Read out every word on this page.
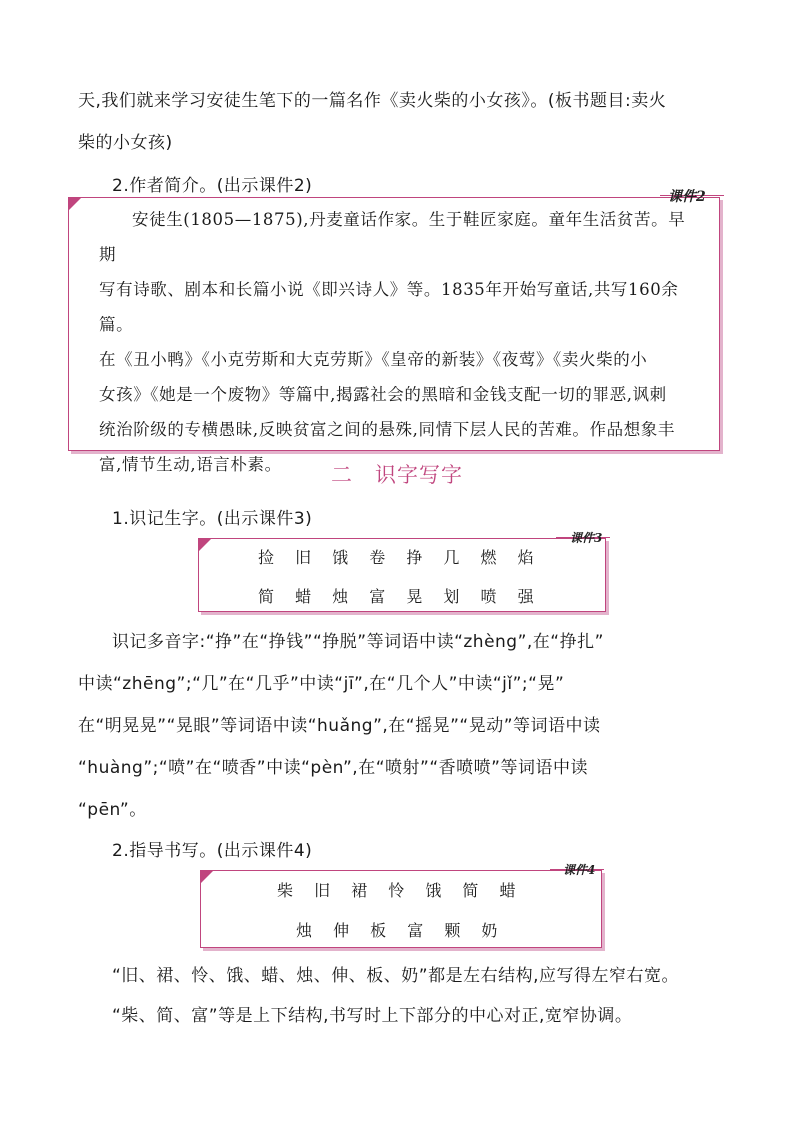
天,我们就来学习安徒生笔下的一篇名作《卖火柴的小女孩》。(板书题目:卖火
柴的小女孩)
2.作者简介。(出示课件2)
安徒生(1805—1875),丹麦童话作家。生于鞋匠家庭。童年生活贫苦。早期
写有诗歌、剧本和长篇小说《即兴诗人》等。1835年开始写童话,共写160余篇。
在《丑小鸭》《小克劳斯和大克劳斯》《皇帝的新装》《夜莺》《卖火柴的小
女孩》《她是一个废物》等篇中,揭露社会的黑暗和金钱支配一切的罪恶,讽刺
统治阶级的专横愚昧,反映贫富之间的悬殊,同情下层人民的苦难。作品想象丰
富,情节生动,语言朴素。
课件2
二　识字写字
1.识记生字。(出示课件3)
课件3
捡 旧 饿 卷 挣 几 燃 焰
简 蜡 烛 富 晃 划 喷 强
识记多音字:“挣”在“挣钱”“挣脱”等词语中读“zhèng”,在“挣扎”
中读“zhēng”;“几”在“几乎”中读“jī”,在“几个人”中读“jǐ”;“晃”
在“明晃晃”“晃眼”等词语中读“huǎng”,在“摇晃”“晃动”等词语中读
“huàng”;“喷”在“喷香”中读“pèn”,在“喷射”“香喷喷”等词语中读
“pēn”。
2.指导书写。(出示课件4)
课件4
柴 旧 裙 怜 饿 简 蜡
烛 伸 板 富 颗 奶
“旧、裙、怜、饿、蜡、烛、伸、板、奶”都是左右结构,应写得左窄右宽。
“柴、简、富”等是上下结构,书写时上下部分的中心对正,宽窄协调。
